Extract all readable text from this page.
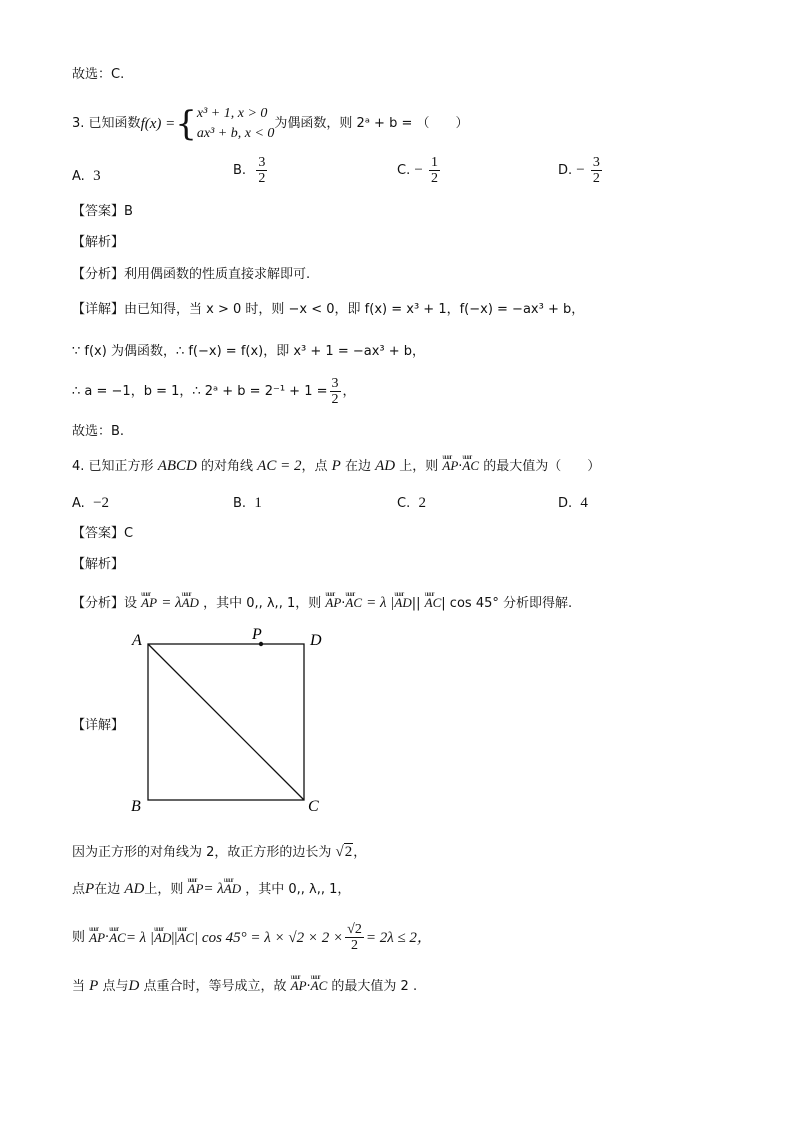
故选：C.
3.
已知函数 f(x) = { x³ + 1, x > 0
ax³ + b, x < 0
为偶函数，则 2ᵃ + b = （　　）
A. 3	B. $\frac{3}{2}$	C. − $\frac{1}{2}$	D. − $\frac{3}{2}$
【答案】B
【解析】
【分析】利用偶函数的性质直接求解即可.
【详解】由已知得，当 x > 0 时，则 −x < 0，即 f(x) = x³ + 1，f(−x) = −ax³ + b，
∵ f(x) 为偶函数，∴ f(−x) = f(x)，即 x³ + 1 = −ax³ + b，
∴ a = −1，b = 1，∴ 2ᵃ + $b = 2^{-1} + 1 = \frac{3}{2}$ ，
故选：B.
4. 已知正方形 ABCD 的对角线 AC = 2，点 P 在边 AD 上，则 uuur AP·uuur AC 的最大值为（　　）
A. −2	B. 1	C. 2	D. 4
【答案】C
【解析】
【分析】设 uuur AP = λuuur AD ，其中 0,, λ,, 1，则 uuur AP·uuur AC = λ |uuur AD|| uuur AC| cos 45° 分析即得解.
【详解】
A	P	D
B	C
因为正方形的对角线为 2，故正方形的边长为 √2，
点P在边 AD上，则 uuur AP= λuuur AD ，其中 0,, λ,, 1，
则
uuur AP · uuur AC = λ | uuur AD || uuur AC | $\cos 45^\circ = \lambda \times √2 \times 2 \times \frac{√2}{2} = 2\lambda \le 2$，
当 P 点与D 点重合时，等号成立，故 uuur AP·uuur AC 的最大值为 2 .
